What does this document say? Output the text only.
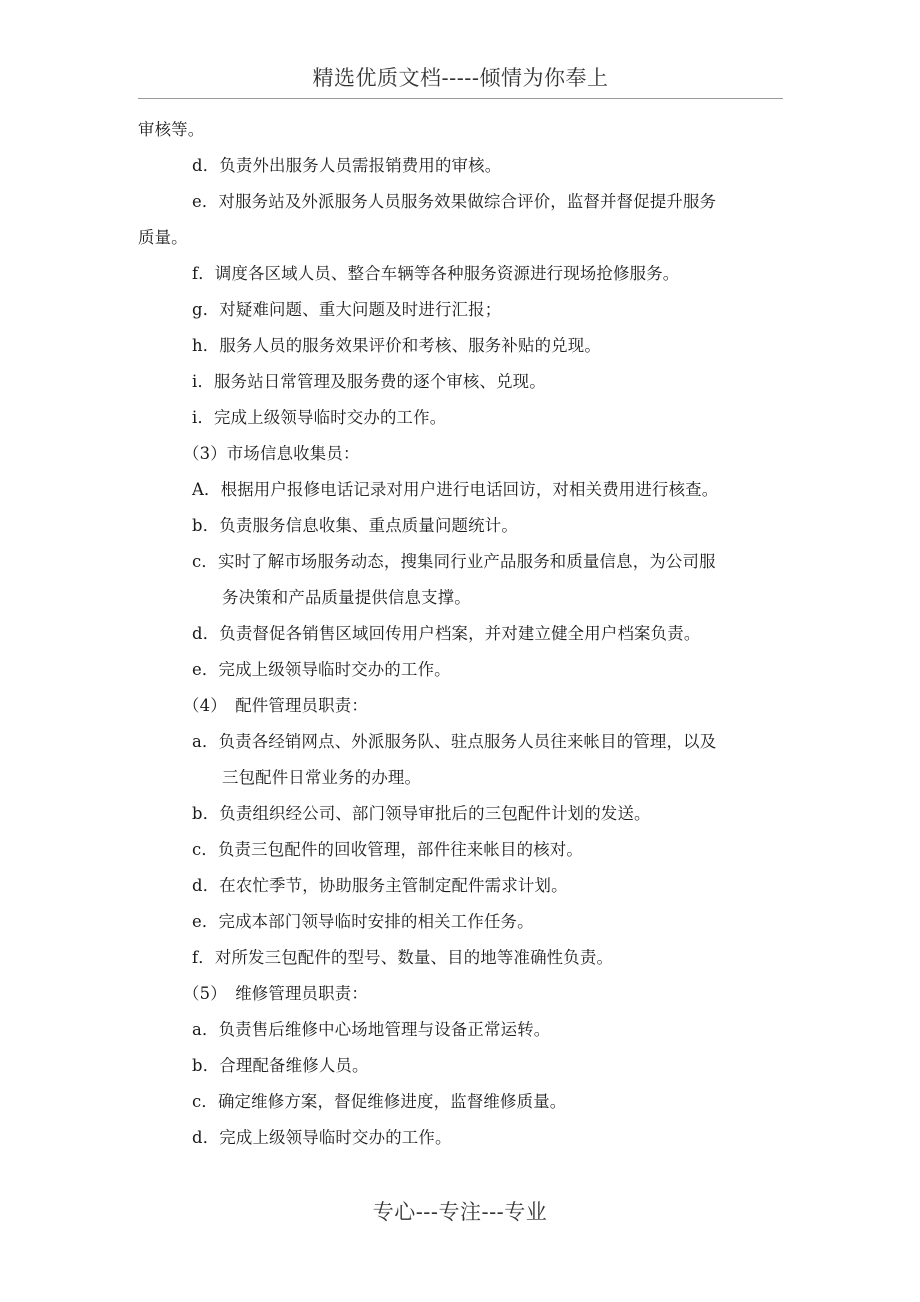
精选优质文档-----倾情为你奉上
审核等。
d．负责外出服务人员需报销费用的审核。
e．对服务站及外派服务人员服务效果做综合评价，监督并督促提升服务
质量。
f．调度各区域人员、整合车辆等各种服务资源进行现场抢修服务。
g．对疑难问题、重大问题及时进行汇报；
h．服务人员的服务效果评价和考核、服务补贴的兑现。
i．服务站日常管理及服务费的逐个审核、兑现。
i．完成上级领导临时交办的工作。
（3）市场信息收集员：
A．根据用户报修电话记录对用户进行电话回访，对相关费用进行核查。
b．负责服务信息收集、重点质量问题统计。
c．实时了解市场服务动态，搜集同行业产品服务和质量信息，为公司服
务决策和产品质量提供信息支撑。
d．负责督促各销售区域回传用户档案，并对建立健全用户档案负责。
e．完成上级领导临时交办的工作。
（4）　配件管理员职责：
a．负责各经销网点、外派服务队、驻点服务人员往来帐目的管理，以及
三包配件日常业务的办理。
b．负责组织经公司、部门领导审批后的三包配件计划的发送。
c．负责三包配件的回收管理，部件往来帐目的核对。
d．在农忙季节，协助服务主管制定配件需求计划。
e．完成本部门领导临时安排的相关工作任务。
f．对所发三包配件的型号、数量、目的地等准确性负责。
（5）　维修管理员职责：
a．负责售后维修中心场地管理与设备正常运转。
b．合理配备维修人员。
c．确定维修方案，督促维修进度，监督维修质量。
d．完成上级领导临时交办的工作。
专心---专注---专业
